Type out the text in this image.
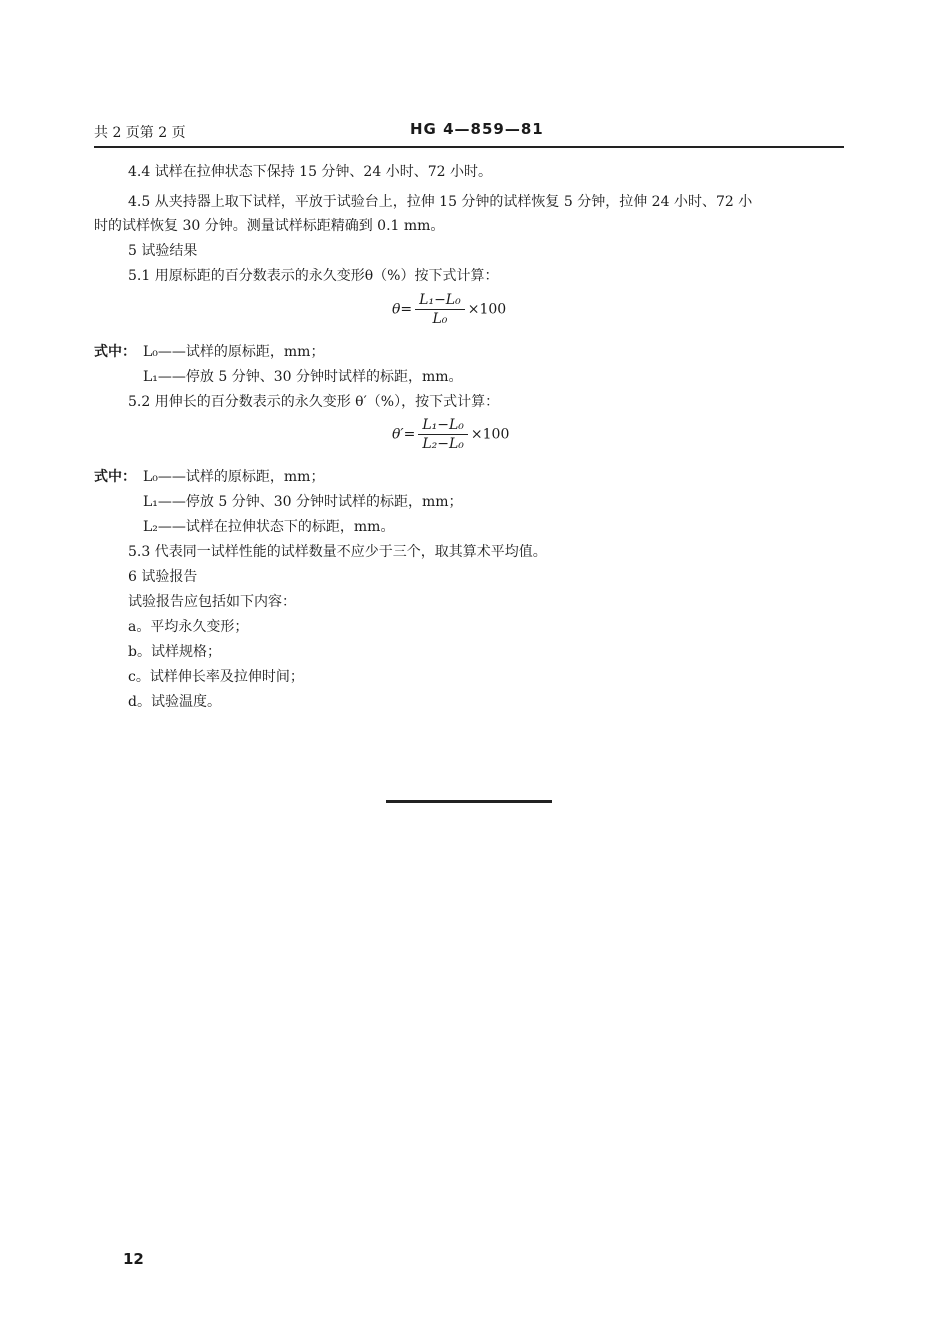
共 2 页第 2 页	HG 4—859—81
4.4 试样在拉伸状态下保持 15 分钟、24 小时、72 小时。
4.5 从夹持器上取下试样，平放于试验台上，拉伸 15 分钟的试样恢复 5 分钟，拉伸 24 小时、72 小
时的试样恢复 30 分钟。测量试样标距精确到 0.1 mm。
5 试验结果
5.1 用原标距的百分数表示的永久变形θ（%）按下式计算：
$\theta= \frac{\text{L₁−L₀}}{\text{L₀}} \times 100$
式中： L₀——试样的原标距，mm；
L₁——停放 5 分钟、30 分钟时试样的标距，mm。
5.2 用伸长的百分数表示的永久变形 θ′（%），按下式计算：
$\theta'= \frac{\text{L₁−L₀}}{\text{L₂−L₀}} \times 100$
式中： L₀——试样的原标距，mm；
L₁——停放 5 分钟、30 分钟时试样的标距，mm；
L₂——试样在拉伸状态下的标距，mm。
5.3 代表同一试样性能的试样数量不应少于三个，取其算术平均值。
6 试验报告
试验报告应包括如下内容：
a。平均永久变形；
b。试样规格；
c。试样伸长率及拉伸时间；
d。试验温度。
12
